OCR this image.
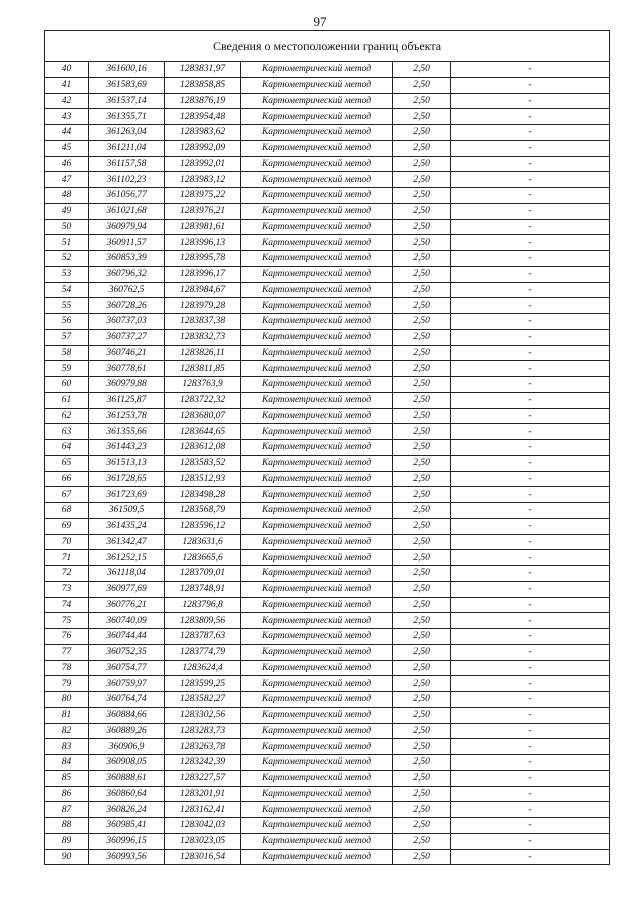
97
Сведения о местоположении границ объекта					
40	361600,16	1283831,97	Картометрический метод	2,50	-
41	361583,69	1283858,85	Картометрический метод	2,50	-
42	361537,14	1283876,19	Картометрический метод	2,50	-
43	361355,71	1283954,48	Картометрический метод	2,50	-
44	361263,04	1283983,62	Картометрический метод	2,50	-
45	361211,04	1283992,09	Картометрический метод	2,50	-
46	361157,58	1283992,01	Картометрический метод	2,50	-
47	361102,23	1283983,12	Картометрический метод	2,50	-
48	361056,77	1283975,22	Картометрический метод	2,50	-
49	361021,68	1283976,21	Картометрический метод	2,50	-
50	360979,94	1283981,61	Картометрический метод	2,50	-
51	360911,57	1283996,13	Картометрический метод	2,50	-
52	360853,39	1283995,78	Картометрический метод	2,50	-
53	360796,32	1283996,17	Картометрический метод	2,50	-
54	360762,5	1283984,67	Картометрический метод	2,50	-
55	360728,26	1283979,28	Картометрический метод	2,50	-
56	360737,03	1283837,38	Картометрический метод	2,50	-
57	360737,27	1283832,73	Картометрический метод	2,50	-
58	360746,21	1283826,11	Картометрический метод	2,50	-
59	360778,61	1283811,85	Картометрический метод	2,50	-
60	360979,88	1283763,9	Картометрический метод	2,50	-
61	361125,87	1283722,32	Картометрический метод	2,50	-
62	361253,78	1283680,07	Картометрический метод	2,50	-
63	361355,66	1283644,65	Картометрический метод	2,50	-
64	361443,23	1283612,08	Картометрический метод	2,50	-
65	361513,13	1283583,52	Картометрический метод	2,50	-
66	361728,65	1283512,93	Картометрический метод	2,50	-
67	361723,69	1283498,28	Картометрический метод	2,50	-
68	361509,5	1283568,79	Картометрический метод	2,50	-
69	361435,24	1283596,12	Картометрический метод	2,50	-
70	361342,47	1283631,6	Картометрический метод	2,50	-
71	361252,15	1283665,6	Картометрический метод	2,50	-
72	361118,04	1283709,01	Картометрический метод	2,50	-
73	360977,69	1283748,91	Картометрический метод	2,50	-
74	360776,21	1283796,8	Картометрический метод	2,50	-
75	360740,09	1283809,56	Картометрический метод	2,50	-
76	360744,44	1283787,63	Картометрический метод	2,50	-
77	360752,35	1283774,79	Картометрический метод	2,50	-
78	360754,77	1283624,4	Картометрический метод	2,50	-
79	360759,97	1283599,25	Картометрический метод	2,50	-
80	360764,74	1283582,27	Картометрический метод	2,50	-
81	360884,66	1283302,56	Картометрический метод	2,50	-
82	360889,26	1283283,73	Картометрический метод	2,50	-
83	360906,9	1283263,78	Картометрический метод	2,50	-
84	360908,05	1283242,39	Картометрический метод	2,50	-
85	360888,61	1283227,57	Картометрический метод	2,50	-
86	360860,64	1283201,91	Картометрический метод	2,50	-
87	360826,24	1283162,41	Картометрический метод	2,50	-
88	360985,41	1283042,03	Картометрический метод	2,50	-
89	360996,15	1283023,05	Картометрический метод	2,50	-
90	360993,56	1283016,54	Картометрический метод	2,50	-
